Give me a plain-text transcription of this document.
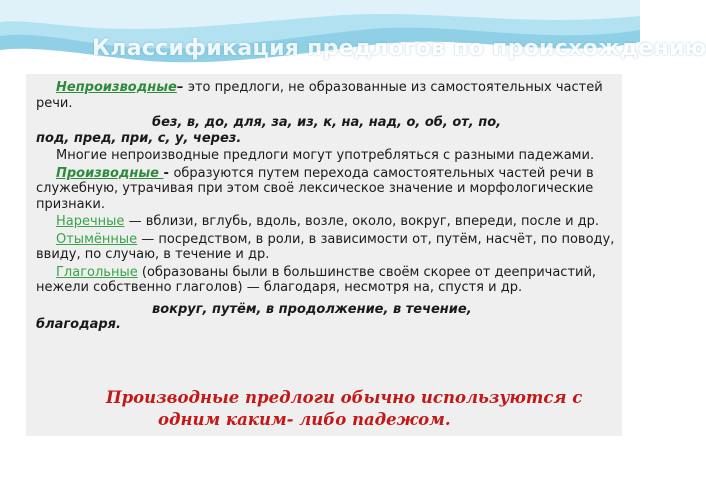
Классификация предлогов по происхождению

Непроизводные– это предлоги, не образованные из самостоятельных частей речи.

без, в, до, для, за, из, к, на, над, о, об, от, по,
под, пред, при, с, у, через.

Многие непроизводные предлоги могут употребляться с разными падежами.

Производные - образуются путем перехода самостоятельных частей речи в служебную, утрачивая при этом своё лексическое значение и морфологические признаки.

Наречные — вблизи, вглубь, вдоль, возле, около, вокруг, впереди, после и др.

Отымённые — посредством, в роли, в зависимости от, путём, насчёт, по поводу, ввиду, по случаю, в течение и др.

Глагольные (образованы были в большинстве своём скорее от деепричастий, нежели собственно глаголов) — благодаря, несмотря на, спустя и др.

вокруг, путём, в продолжение, в течение,
благодаря.

Производные предлоги обычно используются с
одним каким- либо падежом.
